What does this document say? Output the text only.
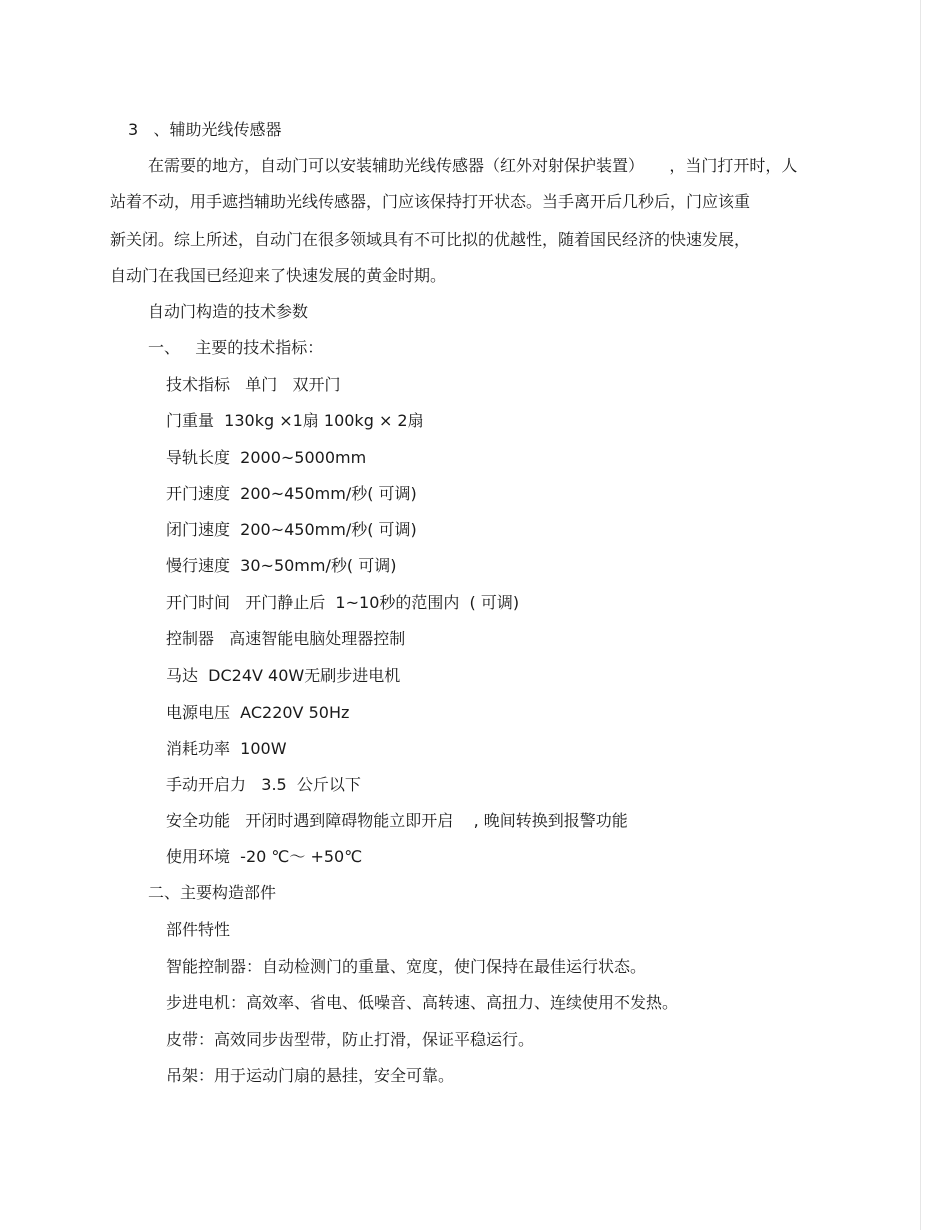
3   、辅助光线传感器
在需要的地方，自动门可以安装辅助光线传感器（红外对射保护装置）     ，当门打开时，人
站着不动，用手遮挡辅助光线传感器，门应该保持打开状态。当手离开后几秒后，门应该重
新关闭。综上所述，自动门在很多领域具有不可比拟的优越性，随着国民经济的快速发展，
自动门在我国已经迎来了快速发展的黄金时期。
自动门构造的技术参数
一、   主要的技术指标：
技术指标   单门   双开门
门重量  130kg ×1扇 100kg × 2扇
导轨长度  2000~5000mm
开门速度  200~450mm/秒( 可调)
闭门速度  200~450mm/秒( 可调)
慢行速度  30~50mm/秒( 可调)
开门时间   开门静止后  1~10秒的范围内  ( 可调)
控制器   高速智能电脑处理器控制
马达  DC24V 40W无刷步进电机
电源电压  AC220V 50Hz
消耗功率  100W
手动开启力   3.5  公斤以下
安全功能   开闭时遇到障碍物能立即开启    , 晚间转换到报警功能
使用环境  -20 ℃～ +50℃
二、主要构造部件
部件特性
智能控制器：自动检测门的重量、宽度，使门保持在最佳运行状态。
步进电机：高效率、省电、低噪音、高转速、高扭力、连续使用不发热。
皮带：高效同步齿型带，防止打滑，保证平稳运行。
吊架：用于运动门扇的悬挂，安全可靠。
